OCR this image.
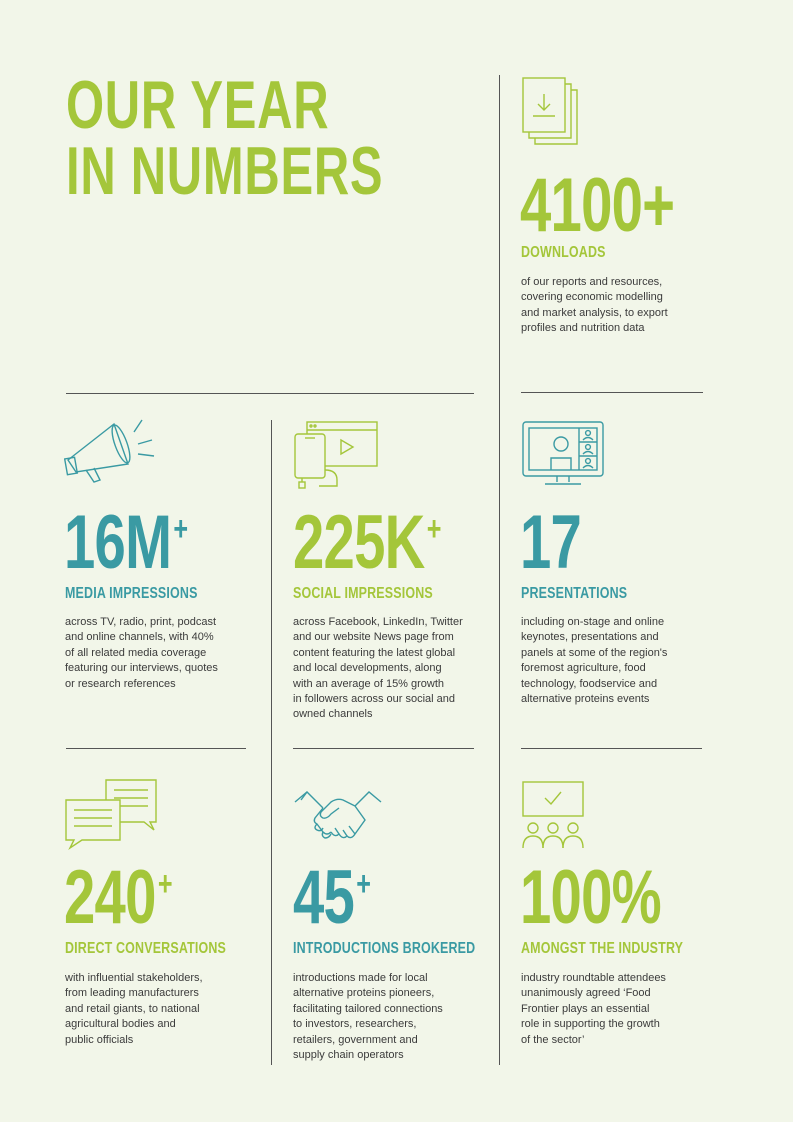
OUR YEAR
IN NUMBERS 4100+
DOWNLOADS
of our reports and resources,
covering economic modelling
and market analysis, to export
profiles and nutrition data
16M+
MEDIA IMPRESSIONS
across TV, radio, print, podcast
and online channels, with 40%
of all related media coverage
featuring our interviews, quotes
or research references
225K+
SOCIAL IMPRESSIONS
across Facebook, LinkedIn, Twitter
and our website News page from
content featuring the latest global
and local developments, along
with an average of 15% growth
in followers across our social and
owned channels
17
PRESENTATIONS
including on-stage and online
keynotes, presentations and
panels at some of the region's
foremost agriculture, food
technology, foodservice and
alternative proteins events
240+
DIRECT CONVERSATIONS
with influential stakeholders,
from leading manufacturers
and retail giants, to national
agricultural bodies and
public officials
45+
INTRODUCTIONS BROKERED
introductions made for local
alternative proteins pioneers,
facilitating tailored connections
to investors, researchers,
retailers, government and
supply chain operators
100%
AMONGST THE INDUSTRY
industry roundtable attendees
unanimously agreed ‘Food
Frontier plays an essential
role in supporting the growth
of the sector’
